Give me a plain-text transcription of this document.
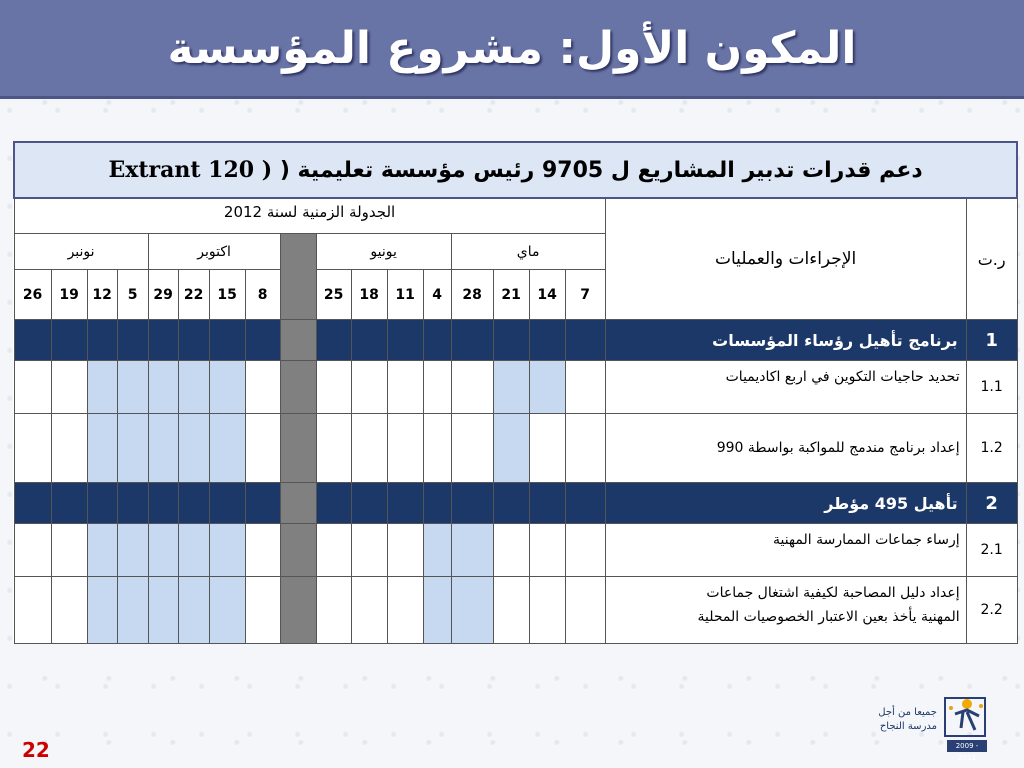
المكون الأول: مشروع المؤسسة
دعم قدرات تدبير المشاريع ل 9705 رئيس مؤسسة تعليمية ( Extrant 120 )																		
ر.ت	الإجراءات والعمليات	الجدولة الزمنية لسنة 2012																
		ماي				يونيو					اكتوبر				نونبر			
		7	14	21	28	4	11	18	25		8	15	22	29	5	12	19	26
1	برنامج تأهيل رؤساء المؤسسات																	
1.1	تحديد حاجيات التكوين في اربع اكاديميات																	
1.2	إعداد برنامج مندمج للمواكبة بواسطة 990																	
2	تأهيل 495 مؤطر																	
2.1	إرساء جماعات الممارسة المهنية																	
2.2	إعداد دليل المصاحبة لكيفية اشتغال جماعات
المهنية يأخذ بعين الاعتبار الخصوصيات المحلية																	

22
جميعا من أجل
مدرسة النجاح
2009 - 2012
